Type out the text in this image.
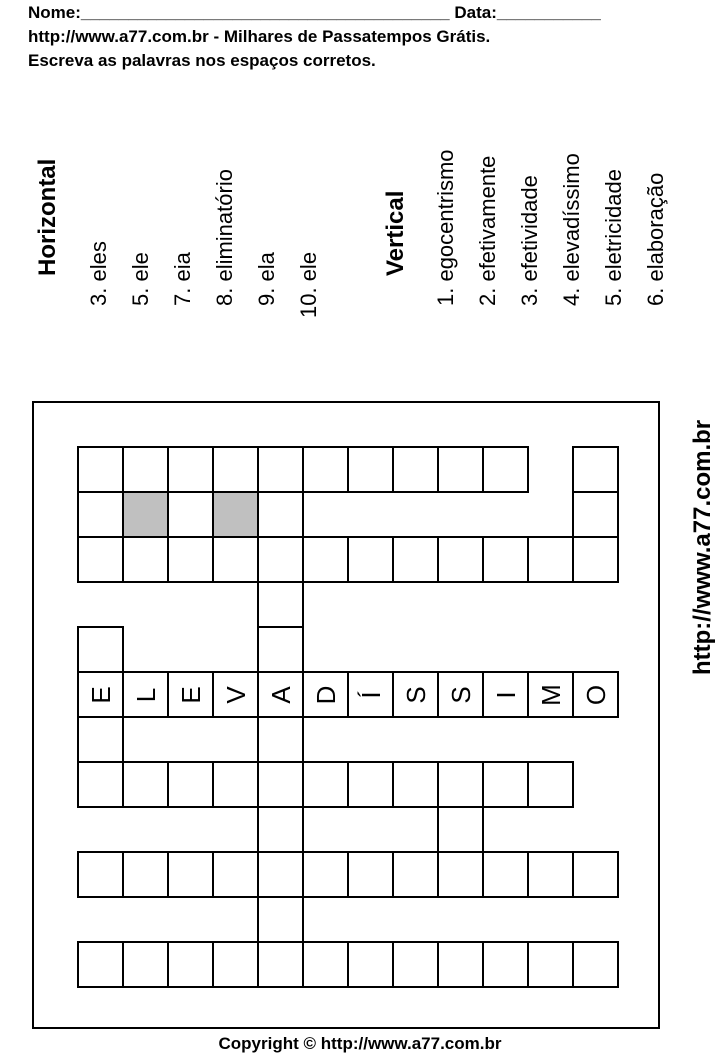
Nome:_______________________________________ Data:___________
http://www.a77.com.br - Milhares de Passatempos Grátis.
Escreva as palavras nos espaços corretos.
Horizontal 3. eles 5. ele 7. eia 8. eliminatório 9. ela 10. ele
Vertical 1. egocentrismo 2. efetivamente 3. efetividade 4. elevadíssimo 5. eletricidade 6. elaboração
http://www.a77.com.br
E L E V A D Í S S I M O
Copyright © http://www.a77.com.br
